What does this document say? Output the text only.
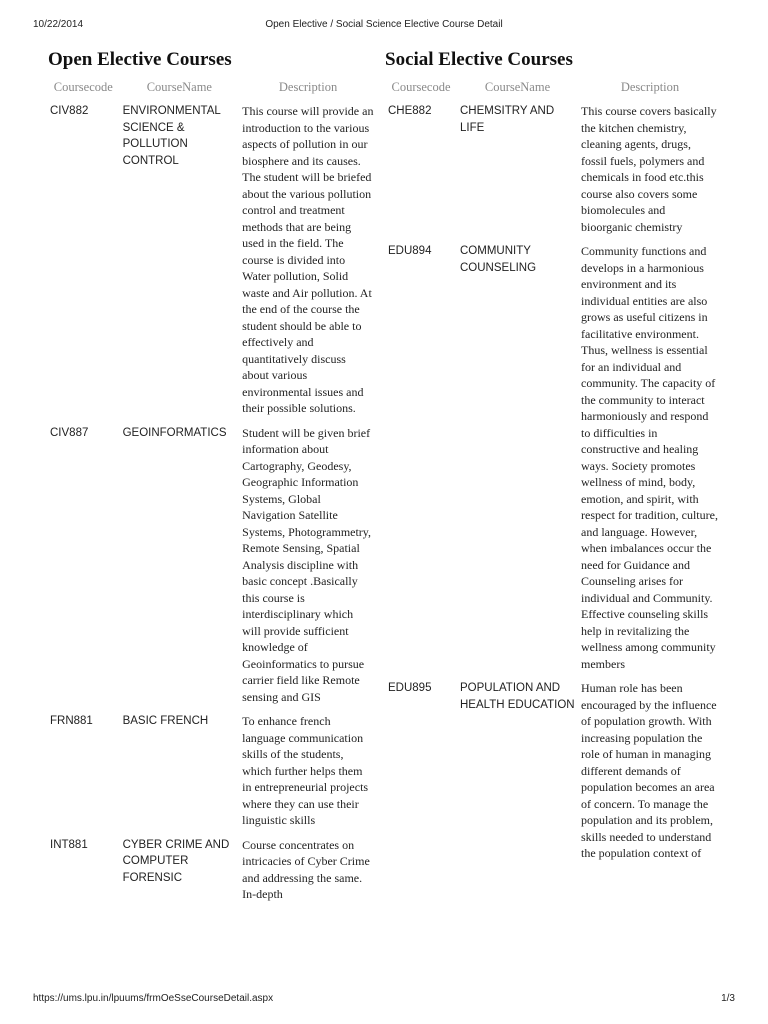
10/22/2014	Open Elective / Social Science Elective Course Detail
Open Elective Courses
Coursecode	CourseName	Description
CIV882	ENVIRONMENTAL SCIENCE & POLLUTION CONTROL	This course will provide an introduction to the various aspects of pollution in our biosphere and its causes. The student will be briefed about the various pollution control and treatment methods that are being used in the field. The course is divided into Water pollution, Solid waste and Air pollution. At the end of the course the student should be able to effectively and quantitatively discuss about various environmental issues and their possible solutions.
CIV887	GEOINFORMATICS	Student will be given brief information about Cartography, Geodesy, Geographic Information Systems, Global Navigation Satellite Systems, Photogrammetry, Remote Sensing, Spatial Analysis discipline with basic concept .Basically this course is interdisciplinary which will provide sufficient knowledge of Geoinformatics to pursue carrier field like Remote sensing and GIS
FRN881	BASIC FRENCH	To enhance french language communication skills of the students, which further helps them in entrepreneurial projects where they can use their linguistic skills
INT881	CYBER CRIME AND COMPUTER FORENSIC	Course concentrates on intricacies of Cyber Crime and addressing the same. In-depth
Social Elective Courses
Coursecode	CourseName	Description
CHE882	CHEMSITRY AND LIFE	This course covers basically the kitchen chemistry, cleaning agents, drugs, fossil fuels, polymers and chemicals in food etc.this course also covers some biomolecules and bioorganic chemistry
EDU894	COMMUNITY COUNSELING	Community functions and develops in a harmonious environment and its individual entities are also grows as useful citizens in facilitative environment. Thus, wellness is essential for an individual and community. The capacity of the community to interact harmoniously and respond to difficulties in constructive and healing ways. Society promotes wellness of mind, body, emotion, and spirit, with respect for tradition, culture, and language. However, when imbalances occur the need for Guidance and Counseling arises for individual and Community. Effective counseling skills help in revitalizing the wellness among community members
EDU895	POPULATION AND HEALTH EDUCATION	Human role has been encouraged by the influence of population growth. With increasing population the role of human in managing different demands of population becomes an area of concern. To manage the population and its problem, skills needed to understand the population context of
https://ums.lpu.in/lpuums/frmOeSseCourseDetail.aspx	1/3
